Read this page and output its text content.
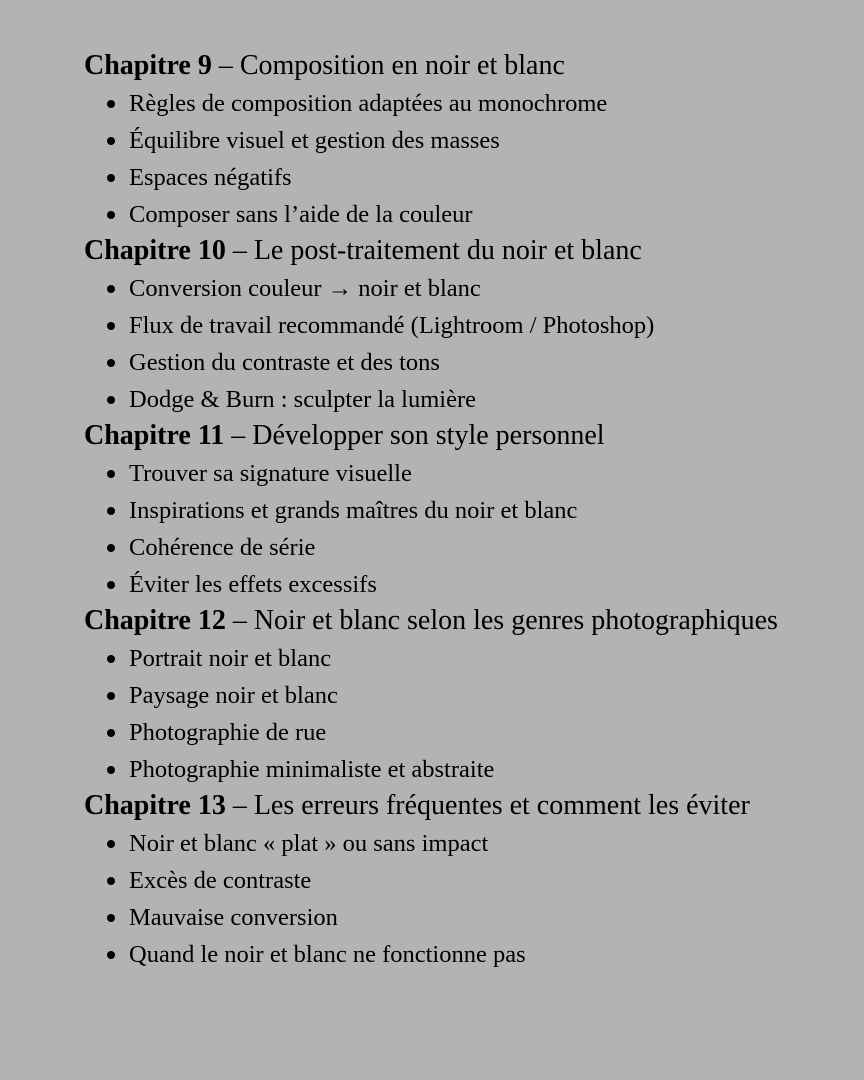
Chapitre 9 – Composition en noir et blanc
Règles de composition adaptées au monochrome
Équilibre visuel et gestion des masses
Espaces négatifs
Composer sans l’aide de la couleur
Chapitre 10 – Le post-traitement du noir et blanc
Conversion couleur → noir et blanc
Flux de travail recommandé (Lightroom / Photoshop)
Gestion du contraste et des tons
Dodge & Burn : sculpter la lumière
Chapitre 11 – Développer son style personnel
Trouver sa signature visuelle
Inspirations et grands maîtres du noir et blanc
Cohérence de série
Éviter les effets excessifs
Chapitre 12 – Noir et blanc selon les genres photographiques
Portrait noir et blanc
Paysage noir et blanc
Photographie de rue
Photographie minimaliste et abstraite
Chapitre 13 – Les erreurs fréquentes et comment les éviter
Noir et blanc « plat » ou sans impact
Excès de contraste
Mauvaise conversion
Quand le noir et blanc ne fonctionne pas
